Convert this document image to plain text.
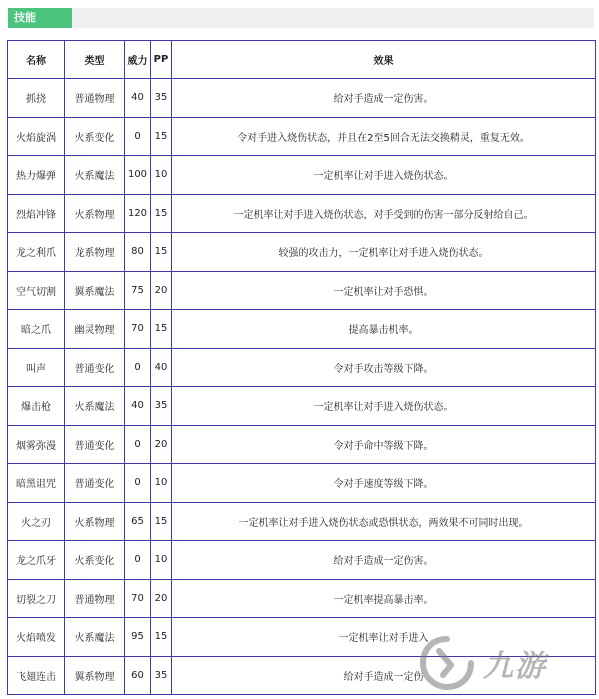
技能
名称	类型	威力	PP	效果
抓挠	普通物理	40	35	给对手造成一定伤害。
火焰旋涡	火系变化	0	15	令对手进入烧伤状态，并且在2至5回合无法交换精灵，重复无效。
热力爆弹	火系魔法	100	10	一定机率让对手进入烧伤状态。
烈焰冲锋	火系物理	120	15	一定机率让对手进入烧伤状态，对手受到的伤害一部分反射给自己。
龙之利爪	龙系物理	80	15	较强的攻击力，一定机率让对手进入烧伤状态。
空气切割	翼系魔法	75	20	一定机率让对手恐惧。
暗之爪	幽灵物理	70	15	提高暴击机率。
叫声	普通变化	0	40	令对手攻击等级下降。
爆击枪	火系魔法	40	35	一定机率让对手进入烧伤状态。
烟雾弥漫	普通变化	0	20	令对手命中等级下降。
暗黑诅咒	普通变化	0	10	令对手速度等级下降。
火之刃	火系物理	65	15	一定机率让对手进入烧伤状态或恐惧状态，两效果不可同时出现。
龙之爪牙	火系变化	0	10	给对手造成一定伤害。
切裂之刀	普通物理	70	20	一定机率提高暴击率。
火焰喷发	火系魔法	95	15	一定机率让对手进入
飞翅连击	翼系物理	60	35	给对手造成一定伤 九游
